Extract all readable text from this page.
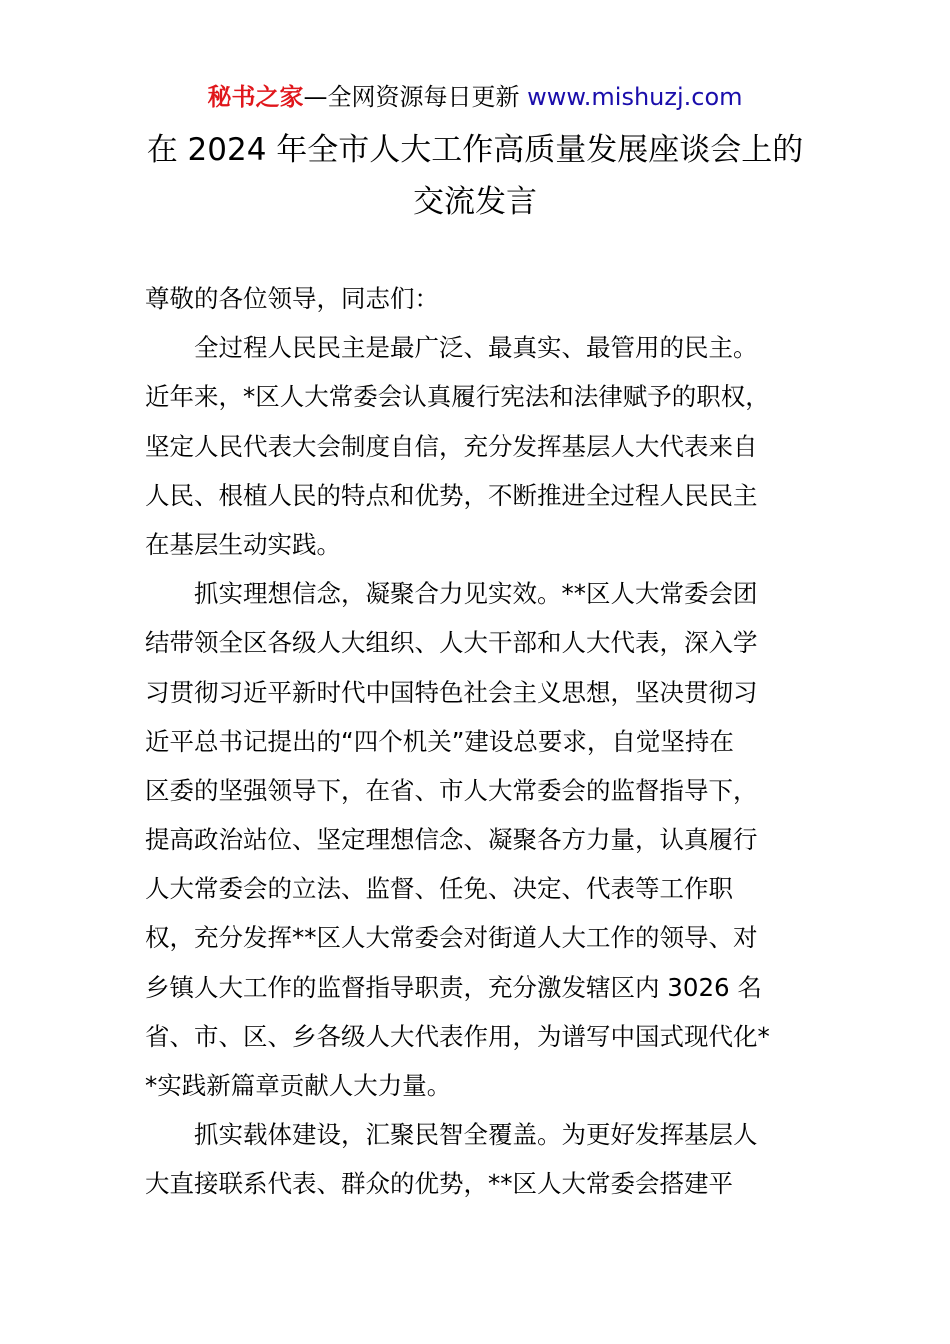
秘书之家—全网资源每日更新 www.mishuzj.com
在 2024 年全市人大工作高质量发展座谈会上的
交流发言
尊敬的各位领导，同志们：
　　全过程人民民主是最广泛、最真实、最管用的民主。
近年来，*区人大常委会认真履行宪法和法律赋予的职权，
坚定人民代表大会制度自信，充分发挥基层人大代表来自
人民、根植人民的特点和优势，不断推进全过程人民民主
在基层生动实践。
　　抓实理想信念，凝聚合力见实效。**区人大常委会团
结带领全区各级人大组织、人大干部和人大代表，深入学
习贯彻习近平新时代中国特色社会主义思想，坚决贯彻习
近平总书记提出的“四个机关”建设总要求，自觉坚持在
区委的坚强领导下，在省、市人大常委会的监督指导下，
提高政治站位、坚定理想信念、凝聚各方力量，认真履行
人大常委会的立法、监督、任免、决定、代表等工作职
权，充分发挥**区人大常委会对街道人大工作的领导、对
乡镇人大工作的监督指导职责，充分激发辖区内 3026 名
省、市、区、乡各级人大代表作用，为谱写中国式现代化*
*实践新篇章贡献人大力量。
　　抓实载体建设，汇聚民智全覆盖。为更好发挥基层人
大直接联系代表、群众的优势，**区人大常委会搭建平
